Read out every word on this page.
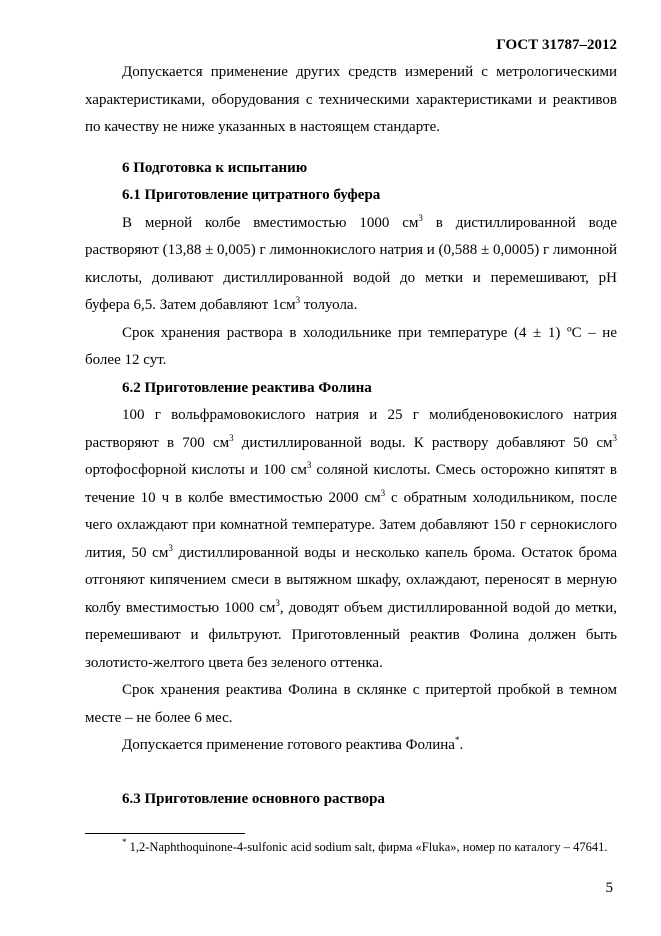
ГОСТ 31787–2012

Допускается применение других средств измерений с метрологическими характеристиками, оборудования с техническими характеристиками и реактивов по качеству не ниже указанных в настоящем стандарте.

6 Подготовка к испытанию

6.1 Приготовление цитратного буфера

В мерной колбе вместимостью 1000 $см^3$ в дистиллированной воде растворяют (13,88 ± 0,005) г лимоннокислого натрия и (0,588 ± 0,0005) г лимонной кислоты, доливают дистиллированной водой до метки и перемешивают, pH буфера 6,5. Затем добавляют $1см^3$ толуола.

Срок хранения раствора в холодильнике при температуре (4 ± 1) ºС – не более 12 сут.

6.2 Приготовление реактива Фолина

100 г вольфрамовокислого натрия и 25 г молибденовокислого натрия растворяют в 700 $см^3$ дистиллированной воды. К раствору добавляют 50 $см^3$ ортофосфорной кислоты и 100 $см^3$ соляной кислоты. Смесь осторожно кипятят в течение 10 ч в колбе вместимостью 2000 $см^3$ с обратным холодильником, после чего охлаждают при комнатной температуре. Затем добавляют 150 г сернокислого лития, 50 $см^3$ дистиллированной воды и несколько капель брома. Остаток брома отгоняют кипячением смеси в вытяжном шкафу, охлаждают, переносят в мерную колбу вместимостью 1000 $см^3$, доводят объем дистиллированной водой до метки, перемешивают и фильтруют. Приготовленный реактив Фолина должен быть золотисто-желтого цвета без зеленого оттенка.

Срок хранения реактива Фолина в склянке с притертой пробкой в темном месте – не более 6 мес.

Допускается применение готового реактива Фолина*.

6.3 Приготовление основного раствора

* 1,2-Naphthoquinone-4-sulfonic acid sodium salt, фирма «Fluka», номер по каталогу – 47641.

5
